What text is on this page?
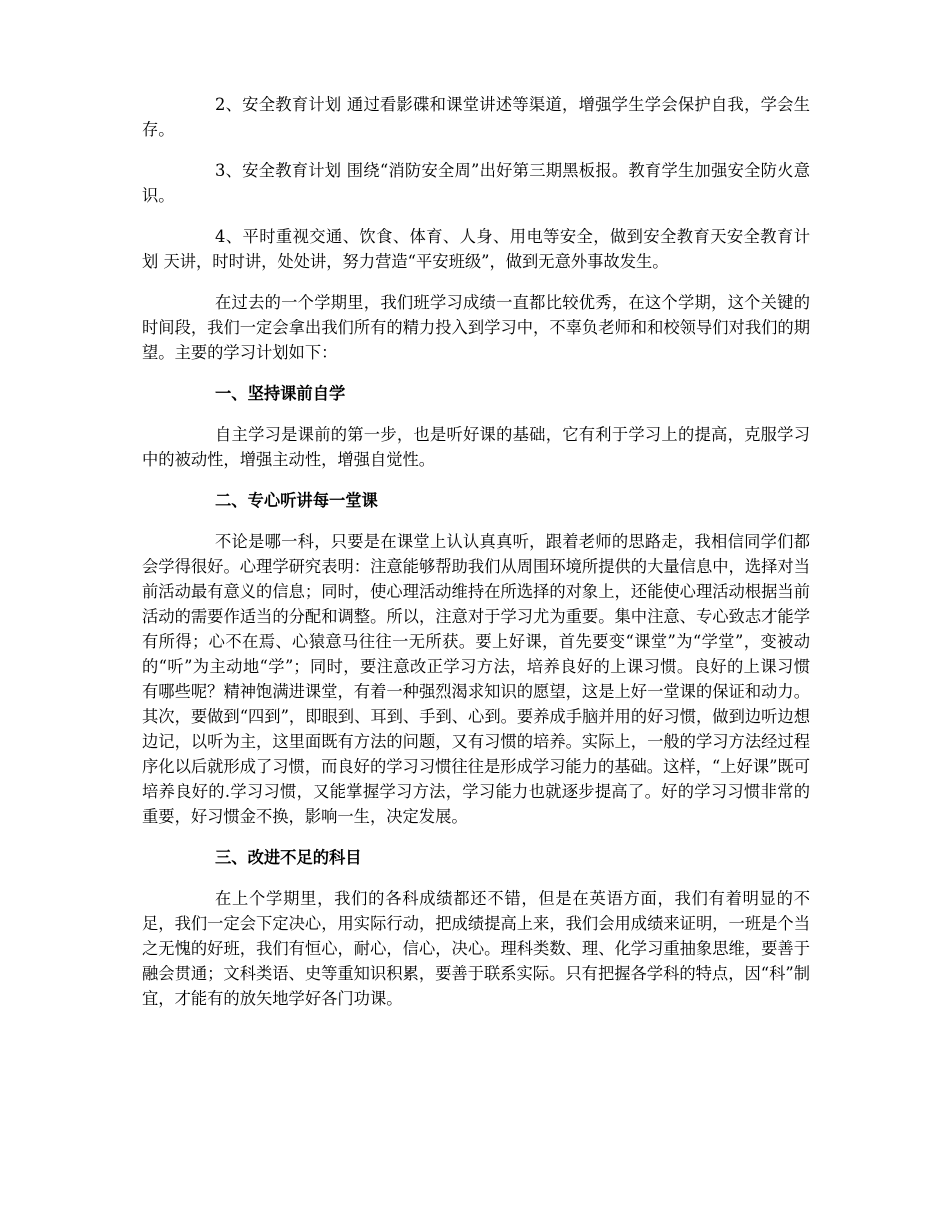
2、安全教育计划 通过看影碟和课堂讲述等渠道，增强学生学会保护自我，学会生存。

3、安全教育计划 围绕“消防安全周”出好第三期黑板报。教育学生加强安全防火意识。

4、平时重视交通、饮食、体育、人身、用电等安全，做到安全教育天安全教育计划 天讲，时时讲，处处讲，努力营造“平安班级”，做到无意外事故发生。

在过去的一个学期里，我们班学习成绩一直都比较优秀，在这个学期，这个关键的时间段，我们一定会拿出我们所有的精力投入到学习中，不辜负老师和和校领导们对我们的期望。主要的学习计划如下：

一、坚持课前自学

自主学习是课前的第一步，也是听好课的基础，它有利于学习上的提高，克服学习中的被动性，增强主动性，增强自觉性。

二、专心听讲每一堂课

不论是哪一科，只要是在课堂上认认真真听，跟着老师的思路走，我相信同学们都会学得很好。心理学研究表明：注意能够帮助我们从周围环境所提供的大量信息中，选择对当前活动最有意义的信息；同时，使心理活动维持在所选择的对象上，还能使心理活动根据当前活动的需要作适当的分配和调整。所以，注意对于学习尤为重要。集中注意、专心致志才能学有所得；心不在焉、心猿意马往往一无所获。要上好课，首先要变“课堂”为“学堂”，变被动的“听”为主动地“学”；同时，要注意改正学习方法，培养良好的上课习惯。良好的上课习惯有哪些呢？精神饱满进课堂，有着一种强烈渴求知识的愿望，这是上好一堂课的保证和动力。其次，要做到“四到”，即眼到、耳到、手到、心到。要养成手脑并用的好习惯，做到边听边想边记，以听为主，这里面既有方法的问题，又有习惯的培养。实际上，一般的学习方法经过程序化以后就形成了习惯，而良好的学习习惯往往是形成学习能力的基础。这样，“上好课”既可培养良好的.学习习惯，又能掌握学习方法，学习能力也就逐步提高了。好的学习习惯非常的重要，好习惯金不换，影响一生，决定发展。

三、改进不足的科目

在上个学期里，我们的各科成绩都还不错，但是在英语方面，我们有着明显的不足，我们一定会下定决心，用实际行动，把成绩提高上来，我们会用成绩来证明，一班是个当之无愧的好班，我们有恒心，耐心，信心，决心。理科类数、理、化学习重抽象思维，要善于融会贯通；文科类语、史等重知识积累，要善于联系实际。只有把握各学科的特点，因“科”制宜，才能有的放矢地学好各门功课。
